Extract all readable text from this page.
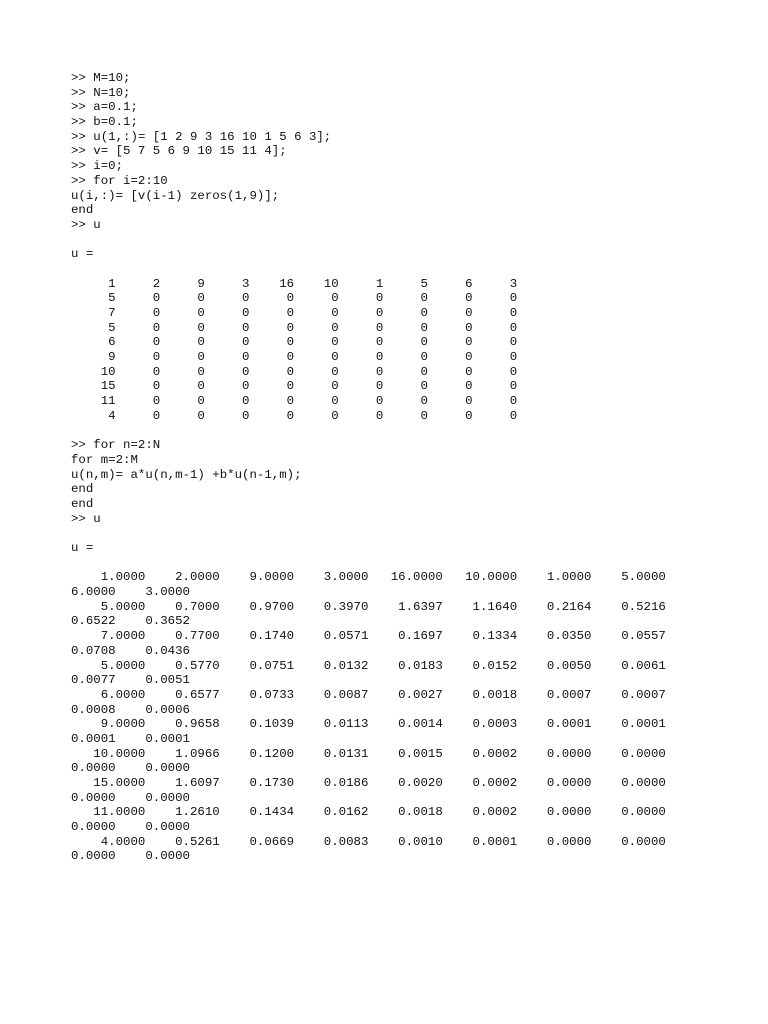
>> M=10;
>> N=10;
>> a=0.1;
>> b=0.1;
>> u(1,:)= [1 2 9 3 16 10 1 5 6 3];
>> v= [5 7 5 6 9 10 15 11 4];
>> i=0;
>> for i=2:10
u(i,:)= [v(i-1) zeros(1,9)];
end
>> u
u =
1     2     9     3    16    10     1     5     6     3
5     0     0     0     0     0     0     0     0     0
7     0     0     0     0     0     0     0     0     0
5     0     0     0     0     0     0     0     0     0
6     0     0     0     0     0     0     0     0     0
9     0     0     0     0     0     0     0     0     0
10     0     0     0     0     0     0     0     0     0
15     0     0     0     0     0     0     0     0     0
11     0     0     0     0     0     0     0     0     0
4     0     0     0     0     0     0     0     0     0
>> for n=2:N
for m=2:M
u(n,m)= a*u(n,m-1) +b*u(n-1,m);
end
end
>> u
u =
1.0000    2.0000    9.0000    3.0000   16.0000   10.0000    1.0000    5.0000
6.0000    3.0000
5.0000    0.7000    0.9700    0.3970    1.6397    1.1640    0.2164    0.5216
0.6522    0.3652
7.0000    0.7700    0.1740    0.0571    0.1697    0.1334    0.0350    0.0557
0.0708    0.0436
5.0000    0.5770    0.0751    0.0132    0.0183    0.0152    0.0050    0.0061
0.0077    0.0051
6.0000    0.6577    0.0733    0.0087    0.0027    0.0018    0.0007    0.0007
0.0008    0.0006
9.0000    0.9658    0.1039    0.0113    0.0014    0.0003    0.0001    0.0001
0.0001    0.0001
10.0000    1.0966    0.1200    0.0131    0.0015    0.0002    0.0000    0.0000
0.0000    0.0000
15.0000    1.6097    0.1730    0.0186    0.0020    0.0002    0.0000    0.0000
0.0000    0.0000
11.0000    1.2610    0.1434    0.0162    0.0018    0.0002    0.0000    0.0000
0.0000    0.0000
4.0000    0.5261    0.0669    0.0083    0.0010    0.0001    0.0000    0.0000
0.0000    0.0000
